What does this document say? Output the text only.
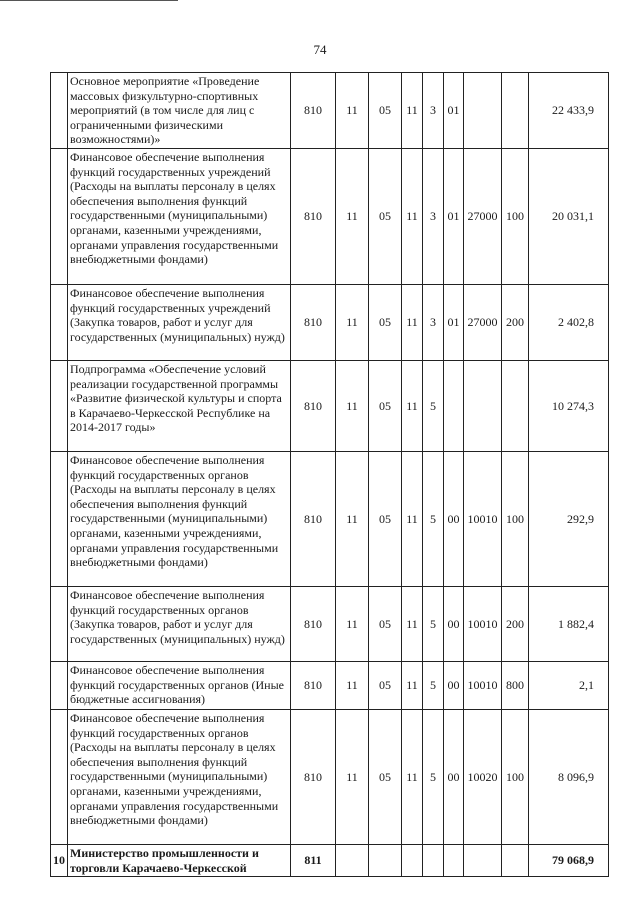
74
	Основное мероприятие «Проведение массовых физкультурно-спортивных мероприятий (в том числе для лиц с ограниченными физическими возможностями)»	810	11	05	11	3	01			22 433,9
	Финансовое обеспечение выполнения функций государственных учреждений (Расходы на выплаты персоналу в целях обеспечения выполнения функций государственными (муниципальными) органами, казенными учреждениями, органами управления государственными внебюджетными фондами)	810	11	05	11	3	01	27000	100	20 031,1
	Финансовое обеспечение выполнения функций государственных учреждений (Закупка товаров, работ и услуг для государственных (муниципальных) нужд)	810	11	05	11	3	01	27000	200	2 402,8
	Подпрограмма «Обеспечение условий реализации государственной программы «Развитие физической культуры и спорта в Карачаево-Черкесской Республике на 2014-2017 годы»	810	11	05	11	5				10 274,3
	Финансовое обеспечение выполнения функций государственных органов (Расходы на выплаты персоналу в целях обеспечения выполнения функций государственными (муниципальными) органами, казенными учреждениями, органами управления государственными внебюджетными фондами)	810	11	05	11	5	00	10010	100	292,9
	Финансовое обеспечение выполнения функций государственных органов (Закупка товаров, работ и услуг для государственных (муниципальных) нужд)	810	11	05	11	5	00	10010	200	1 882,4
	Финансовое обеспечение выполнения функций государственных органов (Иные бюджетные ассигнования)	810	11	05	11	5	00	10010	800	2,1
	Финансовое обеспечение выполнения функций государственных органов (Расходы на выплаты персоналу в целях обеспечения выполнения функций государственными (муниципальными) органами, казенными учреждениями, органами управления государственными внебюджетными фондами)	810	11	05	11	5	00	10020	100	8 096,9
10	Министерство промышленности и торговли Карачаево-Черкесской	811								79 068,9
